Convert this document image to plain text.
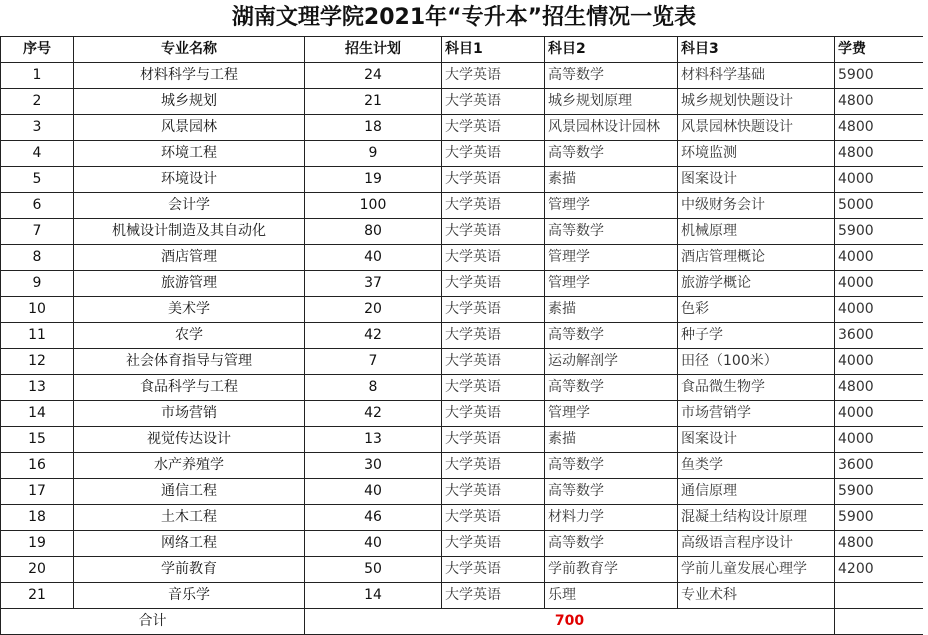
湖南文理学院2021年“专升本”招生情况一览表
序号	专业名称	招生计划	科目1	科目2	科目3	学费
1	材料科学与工程	24	大学英语	高等数学	材料科学基础	5900
2	城乡规划	21	大学英语	城乡规划原理	城乡规划快题设计	4800
3	风景园林	18	大学英语	风景园林设计园林	风景园林快题设计	4800
4	环境工程	9	大学英语	高等数学	环境监测	4800
5	环境设计	19	大学英语	素描	图案设计	4000
6	会计学	100	大学英语	管理学	中级财务会计	5000
7	机械设计制造及其自动化	80	大学英语	高等数学	机械原理	5900
8	酒店管理	40	大学英语	管理学	酒店管理概论	4000
9	旅游管理	37	大学英语	管理学	旅游学概论	4000
10	美术学	20	大学英语	素描	色彩	4000
11	农学	42	大学英语	高等数学	种子学	3600
12	社会体育指导与管理	7	大学英语	运动解剖学	田径（100米）	4000
13	食品科学与工程	8	大学英语	高等数学	食品微生物学	4800
14	市场营销	42	大学英语	管理学	市场营销学	4000
15	视觉传达设计	13	大学英语	素描	图案设计	4000
16	水产养殖学	30	大学英语	高等数学	鱼类学	3600
17	通信工程	40	大学英语	高等数学	通信原理	5900
18	土木工程	46	大学英语	材料力学	混凝土结构设计原理	5900
19	网络工程	40	大学英语	高等数学	高级语言程序设计	4800
20	学前教育	50	大学英语	学前教育学	学前儿童发展心理学	4200
21	音乐学	14	大学英语	乐理	专业术科	
合计		700				
